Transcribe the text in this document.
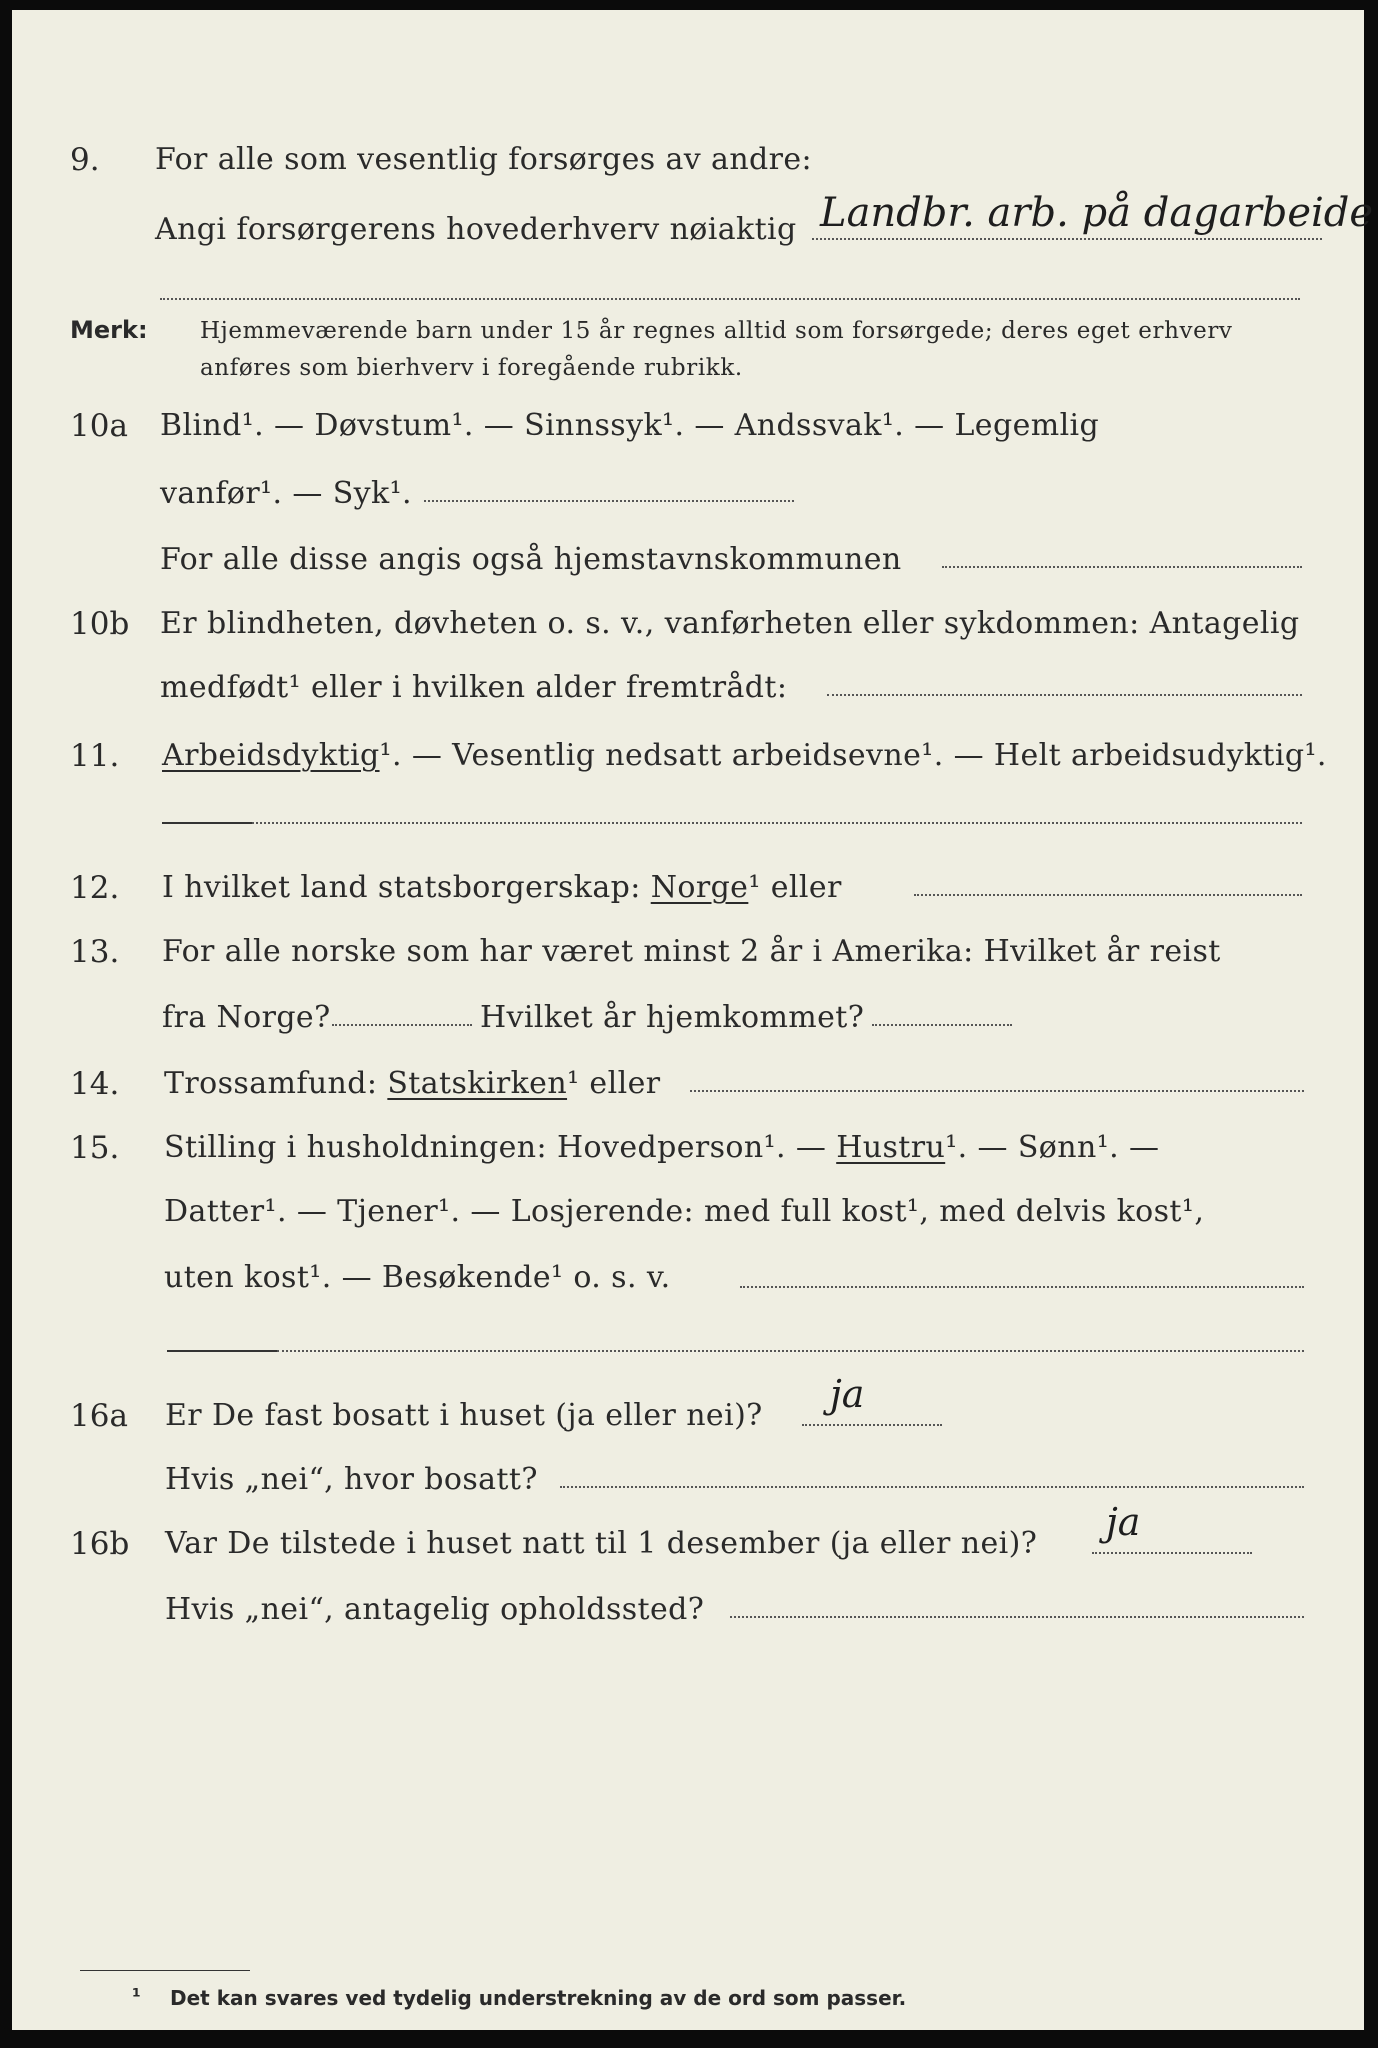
9. For alle som vesentlig forsørges av andre:
Angi forsørgerens hovederhverv nøiaktig Landbr. arb. på dagarbeide
Merk: Hjemmeværende barn under 15 år regnes alltid som forsørgede; deres eget erhverv
anføres som bierhverv i foregående rubrikk.
10a Blind¹. — Døvstum¹. — Sinnssyk¹. — Andssvak¹. — Legemlig
vanfør¹. — Syk¹.
For alle disse angis også hjemstavnskommunen
10b Er blindheten, døvheten o. s. v., vanførheten eller sykdommen: Antagelig
medfødt¹ eller i hvilken alder fremtrådt:
11. Arbeidsdyktig¹. — Vesentlig nedsatt arbeidsevne¹. — Helt arbeidsudyktig¹.
12. I hvilket land statsborgerskap: Norge¹ eller
13. For alle norske som har været minst 2 år i Amerika: Hvilket år reist
fra Norge?	Hvilket år hjemkommet?
14. Trossamfund: Statskirken¹ eller
15. Stilling i husholdningen: Hovedperson¹. — Hustru¹. — Sønn¹. —
Datter¹. — Tjener¹. — Losjerende: med full kost¹, med delvis kost¹,
uten kost¹. — Besøkende¹ o. s. v.
16a Er De fast bosatt i huset (ja eller nei)? ja
Hvis „nei“, hvor bosatt?
16b Var De tilstede i huset natt til 1 desember (ja eller nei)? ja
Hvis „nei“, antagelig opholdssted?
¹ Det kan svares ved tydelig understrekning av de ord som passer.
